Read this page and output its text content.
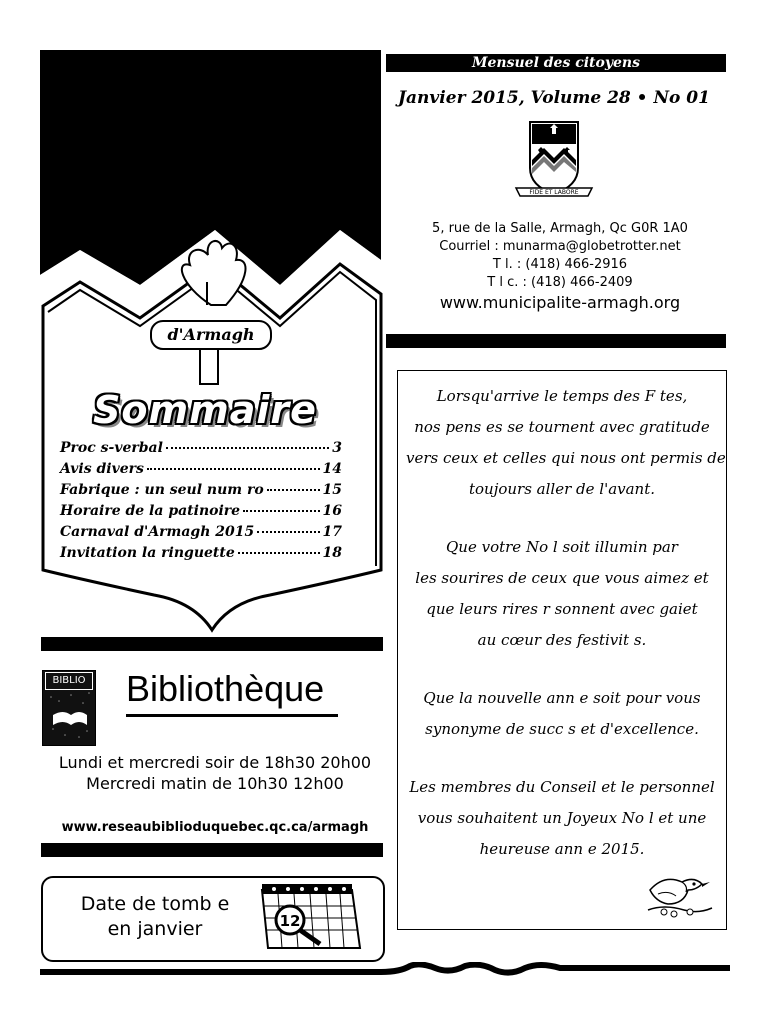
Le Reflet
d'Armagh
Sommaire
Proc s-verbal	3
Avis divers	14
Fabrique : un seul num ro	15
Horaire de la patinoire	16
Carnaval d'Armagh 2015	17
Invitation la ringuette	18
Mensuel des citoyens
Janvier 2015, Volume 28 • No 01
FIDE ET LABORE
5, rue de la Salle, Armagh, Qc G0R 1A0
Courriel : munarma@globetrotter.net
T l. : (418) 466-2916
T l c. : (418) 466-2409
www.municipalite-armagh.org

Lorsqu'arrive le temps des F tes,
nos pens es se tournent avec gratitude
vers ceux et celles qui nous ont permis de
toujours aller de l'avant.

Que votre No l soit illumin par
les sourires de ceux que vous aimez et
que leurs rires r sonnent avec gaiet
au cœur des festivit s.

Que la nouvelle ann e soit pour vous
synonyme de succ s et d'excellence.

Les membres du Conseil et le personnel
vous souhaitent un Joyeux No l et une
heureuse ann e 2015.

BIBLIO Bibliothèque
Lundi et mercredi soir de 18h30 20h00
Mercredi matin de 10h30 12h00
www.reseaubiblioduquebec.qc.ca/armagh
Date de tomb e
en janvier	12
